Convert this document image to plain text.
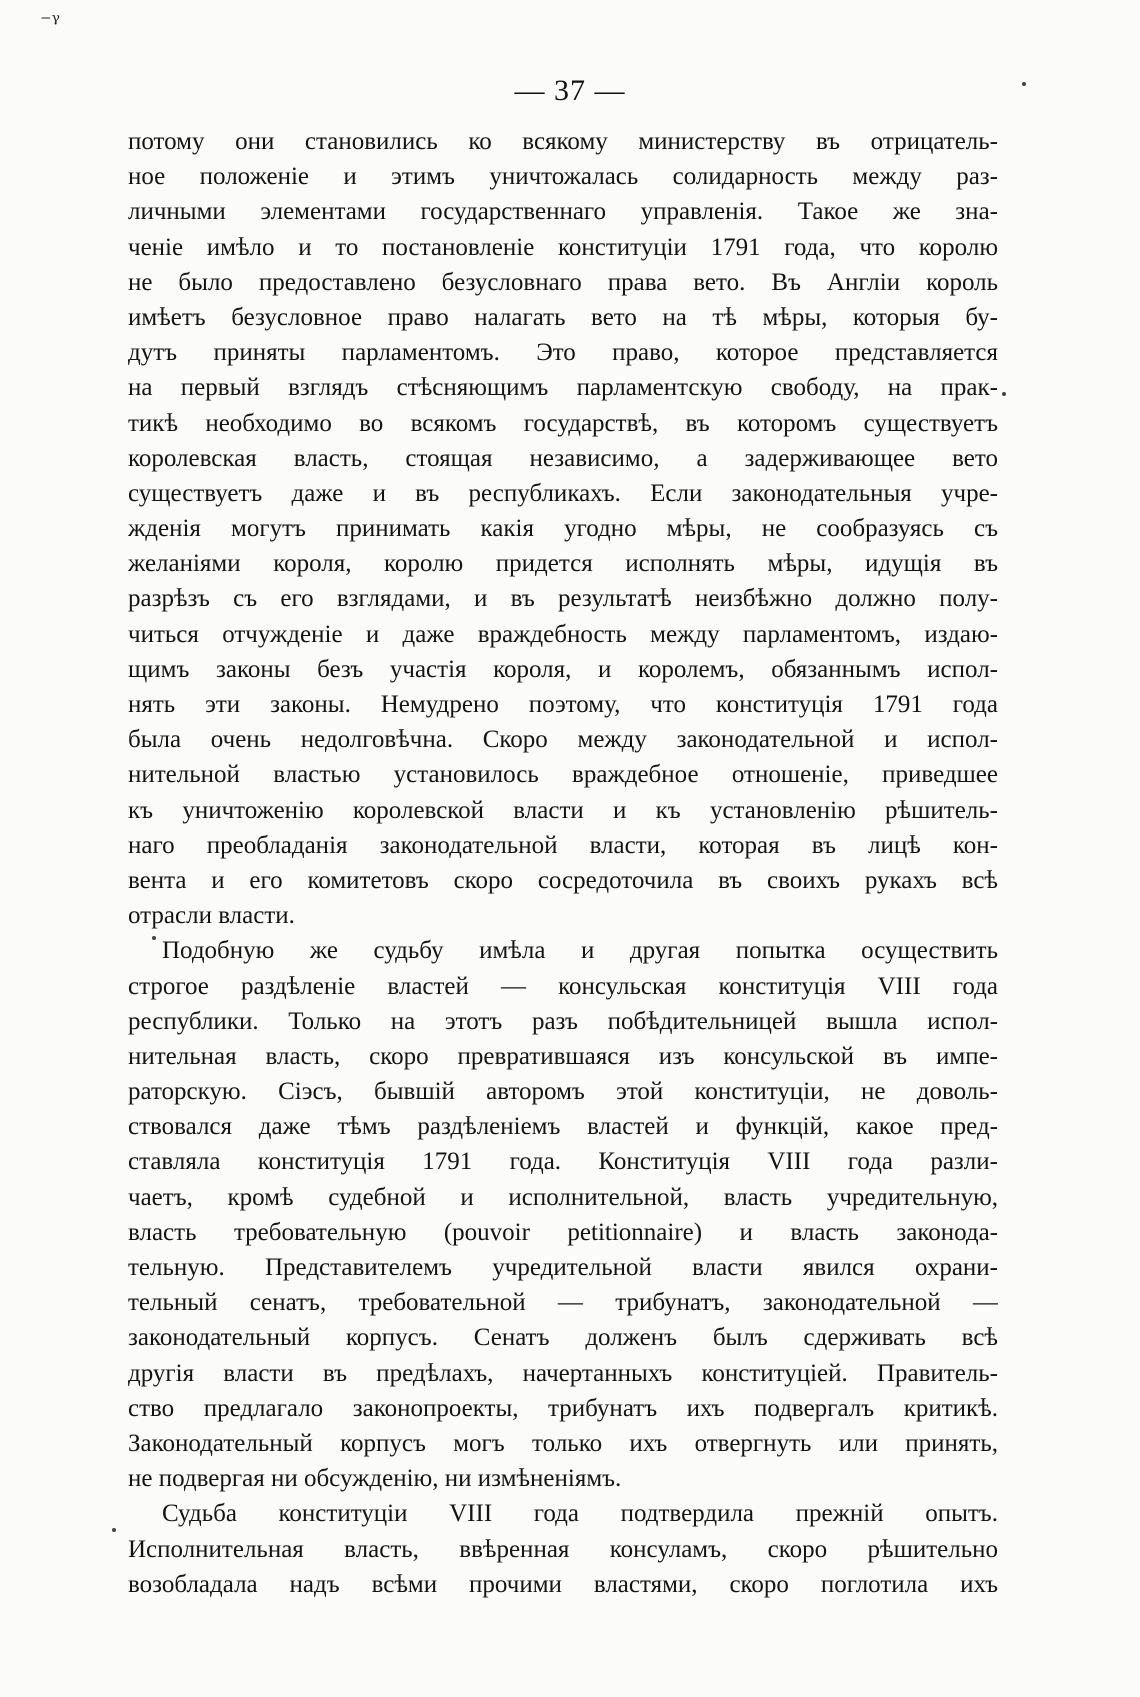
⁻ᵞ
— 37 —
потому они становились ко всякому министерству въ отрицатель-
ное положеніе и этимъ уничтожалась солидарность между раз-
личными элементами государственнаго управленія. Такое же зна-
ченіе имѣло и то постановленіе конституціи 1791 года, что королю
не было предоставлено безусловнаго права вето. Въ Англіи король
имѣетъ безусловное право налагать вето на тѣ мѣры, которыя бу-
дутъ приняты парламентомъ. Это право, которое представляется
на первый взглядъ стѣсняющимъ парламентскую свободу, на прак-
тикѣ необходимо во всякомъ государствѣ, въ которомъ существуетъ
королевская власть, стоящая независимо, а задерживающее вето
существуетъ даже и въ республикахъ. Если законодательныя учре-
жденія могутъ принимать какія угодно мѣры, не сообразуясь съ
желаніями короля, королю придется исполнять мѣры, идущія въ
разрѣзъ съ его взглядами, и въ результатѣ неизбѣжно должно полу-
читься отчужденіе и даже враждебность между парламентомъ, издаю-
щимъ законы безъ участія короля, и королемъ, обязаннымъ испол-
нять эти законы. Немудрено поэтому, что конституція 1791 года
была очень недолговѣчна. Скоро между законодательной и испол-
нительной властью установилось враждебное отношеніе, приведшее
къ уничтоженію королевской власти и къ установленію рѣшитель-
наго преобладанія законодательной власти, которая въ лицѣ кон-
вента и его комитетовъ скоро сосредоточила въ своихъ рукахъ всѣ
отрасли власти.
Подобную же судьбу имѣла и другая попытка осуществить
строгое раздѣленіе властей — консульская конституція VIII года
республики. Только на этотъ разъ побѣдительницей вышла испол-
нительная власть, скоро превратившаяся изъ консульской въ импе-
раторскую. Сіэсъ, бывшій авторомъ этой конституціи, не доволь-
ствовался даже тѣмъ раздѣленіемъ властей и функцій, какое пред-
ставляла конституція 1791 года. Конституція VIII года разли-
чаетъ, кромѣ судебной и исполнительной, власть учредительную,
власть требовательную (pouvoir petitionnaire) и власть законода-
тельную. Представителемъ учредительной власти явился охрани-
тельный сенатъ, требовательной — трибунатъ, законодательной —
законодательный корпусъ. Сенатъ долженъ былъ сдерживать всѣ
другія власти въ предѣлахъ, начертанныхъ конституціей. Правитель-
ство предлагало законопроекты, трибунатъ ихъ подвергалъ критикѣ.
Законодательный корпусъ могъ только ихъ отвергнуть или принять,
не подвергая ни обсужденію, ни измѣненіямъ.
Судьба конституціи VIII года подтвердила прежній опытъ.
Исполнительная власть, ввѣренная консуламъ, скоро рѣшительно
возобладала надъ всѣми прочими властями, скоро поглотила ихъ
